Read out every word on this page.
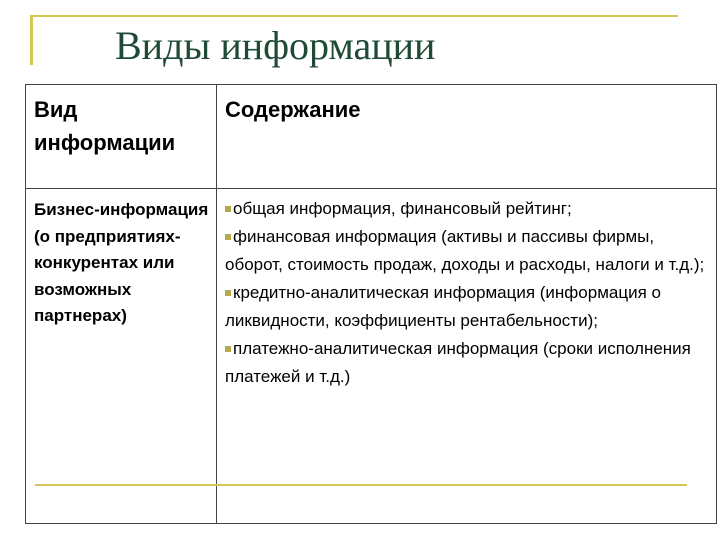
Виды информации
Вид информации	Содержание
Бизнес-информация (о предприятиях-конкурентах или возможных партнерах)	общая информация, финансовый рейтинг;

финансовая информация (активы и пассивы фирмы, оборот, стоимость продаж, доходы и расходы, налоги и т.д.);

кредитно-аналитическая информация (информация о ликвидности, коэффициенты рентабельности);

платежно-аналитическая информация (сроки исполнения платежей и т.д.)
